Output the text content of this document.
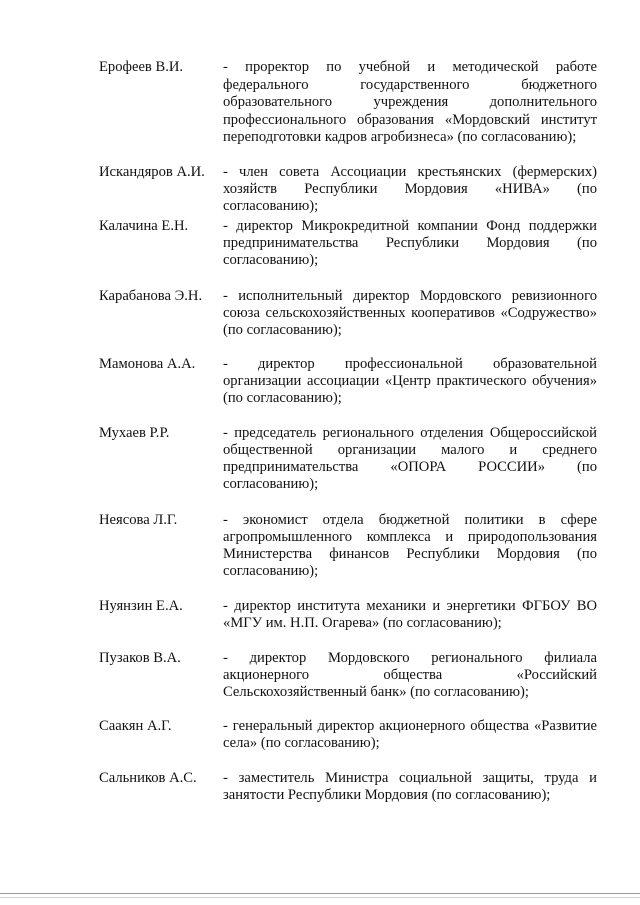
Ерофеев В.И.	- проректор по учебной и методической работе федерального государственного бюджетного образовательного учреждения дополнительного профессионального образования «Мордовский институт переподготовки кадров агробизнеса» (по согласованию);

Искандяров А.И. - член совета Ассоциации крестьянских (фермерских) хозяйств Республики Мордовия «НИВА» (по согласованию);

Калачина Е.Н. - директор Микрокредитной компании Фонд поддержки предпринимательства Республики Мордовия (по согласованию);

Карабанова Э.Н. - исполнительный директор Мордовского ревизионного союза сельскохозяйственных кооперативов «Содружество» (по согласованию);

Мамонова А.А. - директор профессиональной образовательной организации ассоциации «Центр практического обучения» (по согласованию);

Мухаев Р.Р.	- председатель регионального отделения Общероссийской общественной организации малого и среднего предпринимательства «ОПОРА РОССИИ» (по согласованию);

Неясова Л.Г.	- экономист отдела бюджетной политики в сфере агропромышленного комплекса и природопользования Министерства финансов Республики Мордовия (по согласованию);

Нуянзин Е.А.	- директор института механики и энергетики ФГБОУ ВО «МГУ им. Н.П. Огарева» (по согласованию);

Пузаков В.А.	- директор Мордовского регионального филиала акционерного общества «Российский Сельскохозяйственный банк» (по согласованию);

Саакян А.Г.	- генеральный директор акционерного общества «Развитие села» (по согласованию);

Сальников А.С. - заместитель Министра социальной защиты, труда и занятости Республики Мордовия (по согласованию);
